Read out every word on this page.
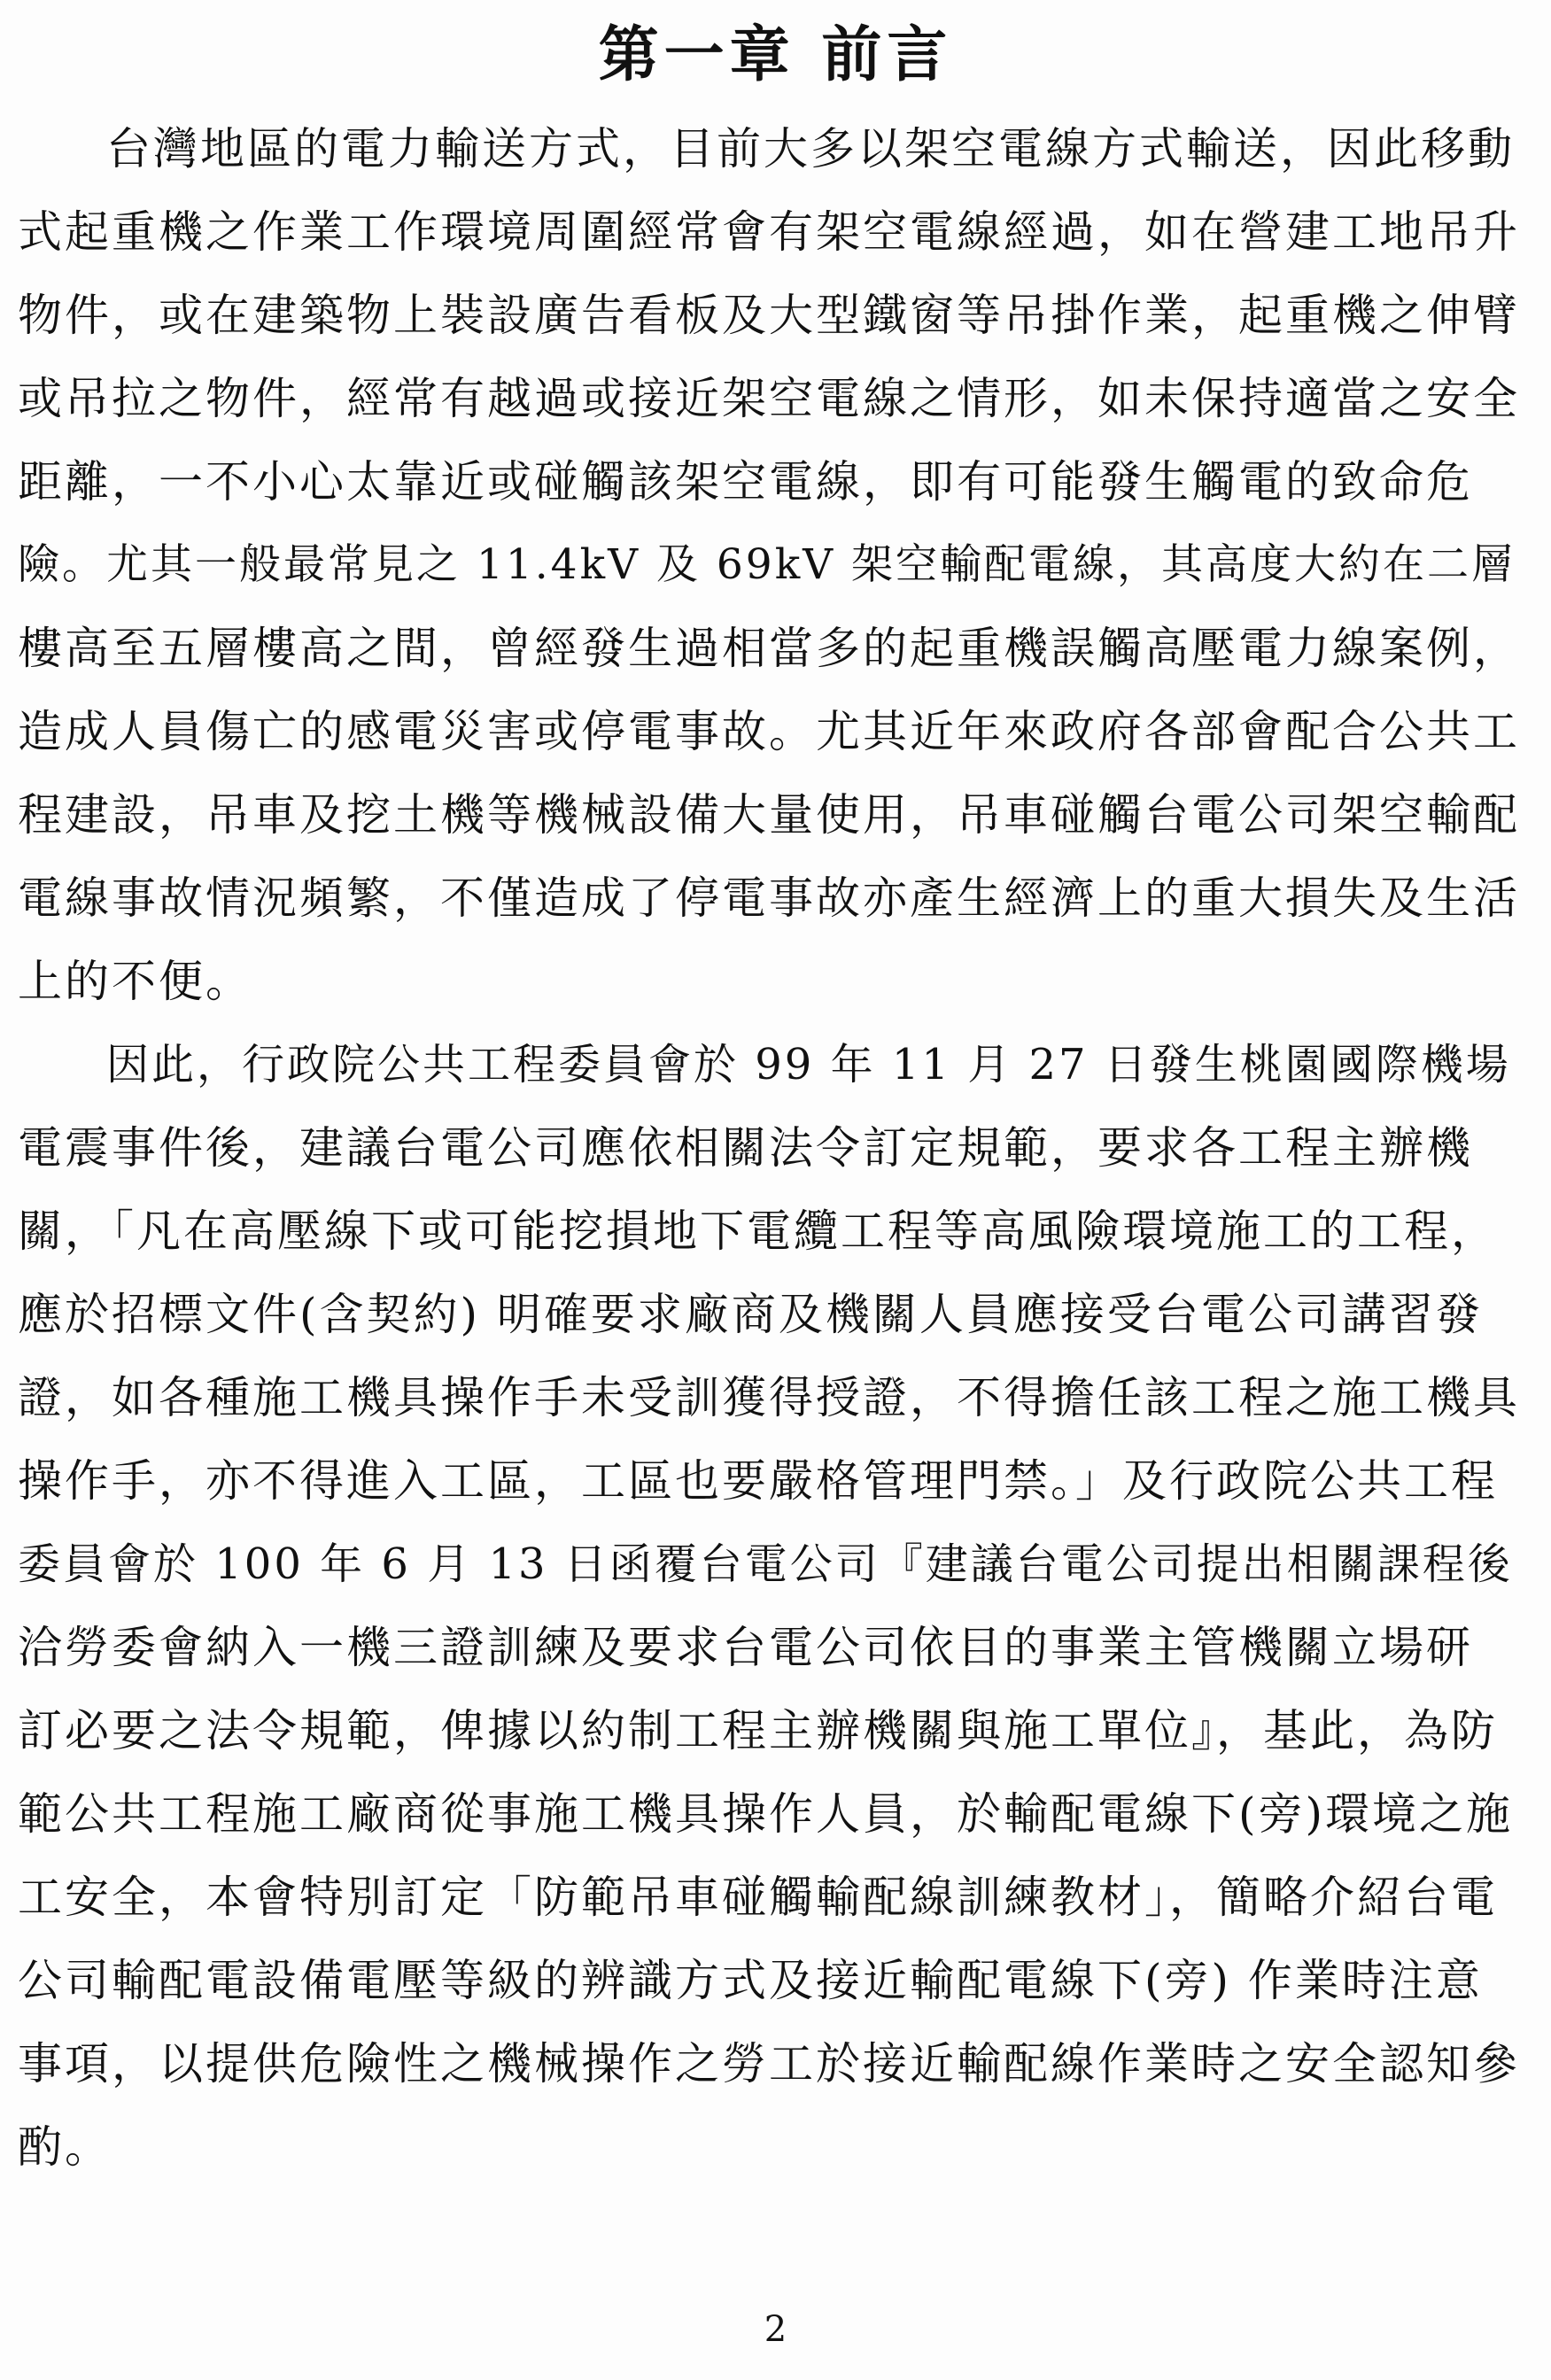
第一章 前言
台灣地區的電力輸送方式，目前大多以架空電線方式輸送，因此移動
式起重機之作業工作環境周圍經常會有架空電線經過，如在營建工地吊升
物件，或在建築物上裝設廣告看板及大型鐵窗等吊掛作業，起重機之伸臂
或吊拉之物件，經常有越過或接近架空電線之情形，如未保持適當之安全
距離，一不小心太靠近或碰觸該架空電線，即有可能發生觸電的致命危
險。尤其一般最常見之 11.4kV 及 69kV 架空輸配電線，其高度大約在二層
樓高至五層樓高之間，曾經發生過相當多的起重機誤觸高壓電力線案例，
造成人員傷亡的感電災害或停電事故。尤其近年來政府各部會配合公共工
程建設，吊車及挖土機等機械設備大量使用，吊車碰觸台電公司架空輸配
電線事故情況頻繁，不僅造成了停電事故亦產生經濟上的重大損失及生活
上的不便。
因此，行政院公共工程委員會於 99 年 11 月 27 日發生桃園國際機場
電震事件後，建議台電公司應依相關法令訂定規範，要求各工程主辦機
關，「凡在高壓線下或可能挖損地下電纜工程等高風險環境施工的工程，
應於招標文件(含契約) 明確要求廠商及機關人員應接受台電公司講習發
證，如各種施工機具操作手未受訓獲得授證，不得擔任該工程之施工機具
操作手，亦不得進入工區，工區也要嚴格管理門禁。」及行政院公共工程
委員會於 100 年 6 月 13 日函覆台電公司『建議台電公司提出相關課程後
洽勞委會納入一機三證訓練及要求台電公司依目的事業主管機關立場研
訂必要之法令規範，俾據以約制工程主辦機關與施工單位』，基此，為防
範公共工程施工廠商從事施工機具操作人員，於輸配電線下(旁)環境之施
工安全，本會特別訂定「防範吊車碰觸輸配線訓練教材」，簡略介紹台電
公司輸配電設備電壓等級的辨識方式及接近輸配電線下(旁) 作業時注意
事項，以提供危險性之機械操作之勞工於接近輸配線作業時之安全認知參
酌。
2
